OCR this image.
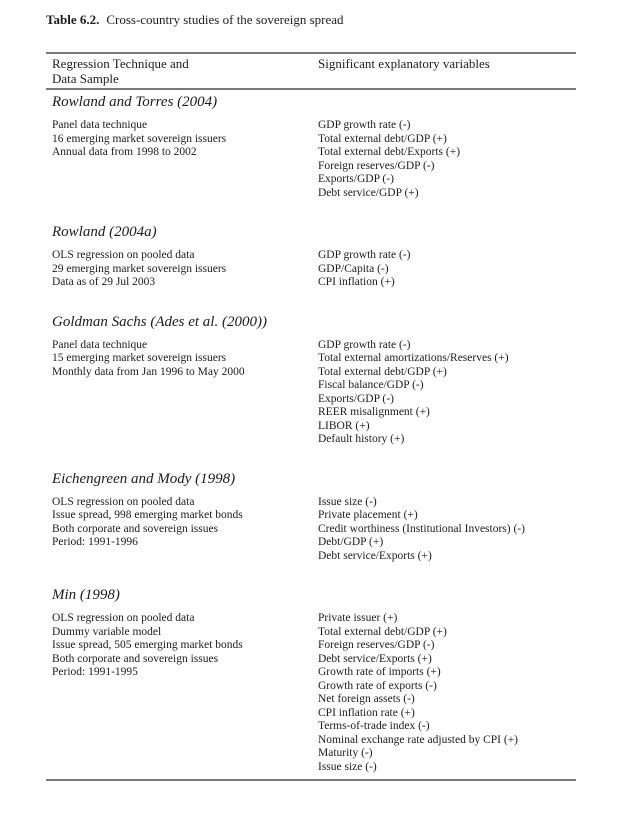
Table 6.2. Cross-country studies of the sovereign spread
Regression Technique and
Data Sample
Significant explanatory variables
Rowland and Torres (2004)
Panel data technique
16 emerging market sovereign issuers
Annual data from 1998 to 2002
GDP growth rate (-)
Total external debt/GDP (+)
Total external debt/Exports (+)
Foreign reserves/GDP (-)
Exports/GDP (-)
Debt service/GDP (+)
Rowland (2004a)
OLS regression on pooled data
29 emerging market sovereign issuers
Data as of 29 Jul 2003
GDP growth rate (-)
GDP/Capita (-)
CPI inflation (+)
Goldman Sachs (Ades et al. (2000))
Panel data technique
15 emerging market sovereign issuers
Monthly data from Jan 1996 to May 2000
GDP growth rate (-)
Total external amortizations/Reserves (+)
Total external debt/GDP (+)
Fiscal balance/GDP (-)
Exports/GDP (-)
REER misalignment (+)
LIBOR (+)
Default history (+)
Eichengreen and Mody (1998)
OLS regression on pooled data
Issue spread, 998 emerging market bonds
Both corporate and sovereign issues
Period: 1991-1996
Issue size (-)
Private placement (+)
Credit worthiness (Institutional Investors) (-)
Debt/GDP (+)
Debt service/Exports (+)
Min (1998)
OLS regression on pooled data
Dummy variable model
Issue spread, 505 emerging market bonds
Both corporate and sovereign issues
Period: 1991-1995
Private issuer (+)
Total external debt/GDP (+)
Foreign reserves/GDP (-)
Debt service/Exports (+)
Growth rate of imports (+)
Growth rate of exports (-)
Net foreign assets (-)
CPI inflation rate (+)
Terms-of-trade index (-)
Nominal exchange rate adjusted by CPI (+)
Maturity (-)
Issue size (-)
